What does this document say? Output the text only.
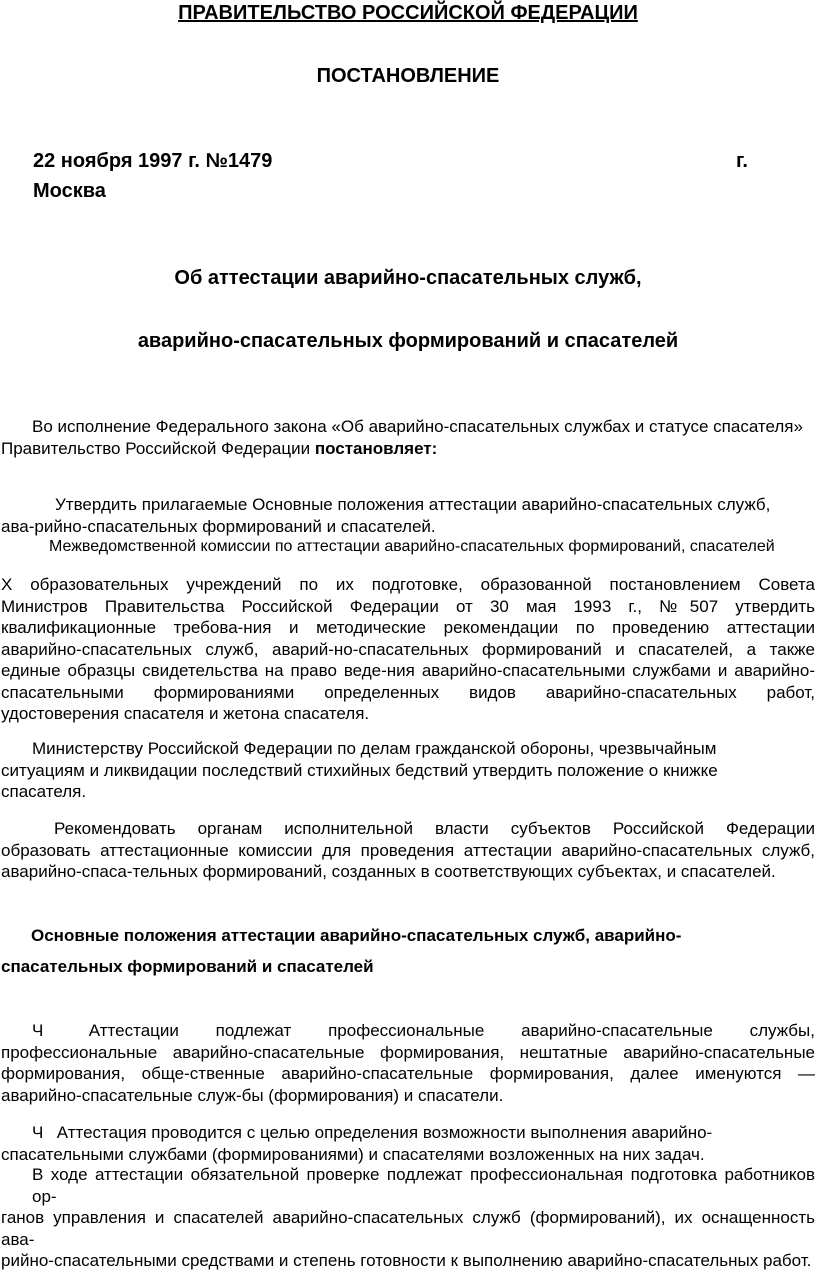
ПРАВИТЕЛЬСТВО РОССИЙСКОЙ ФЕДЕРАЦИИ
ПОСТАНОВЛЕНИЕ
22 ноября 1997 г. №1479	г.
Москва
Об аттестации аварийно-спасательных служб,
аварийно-спасательных формирований и спасателей
Во исполнение Федерального закона «Об аварийно-спасательных службах и статусе спасателя»
Правительство Российской Федерации постановляет:
Утвердить прилагаемые Основные положения аттестации аварийно-спасательных служб,
ава-рийно-спасательных формирований и спасателей.
Межведомственной комиссии по аттестации аварийно-спасательных формирований, спасателей
Х образовательных учреждений по их подготовке, образованной постановлением Совета
Министров Правительства Российской Федерации от 30 мая 1993 г., №507 утвердить
квалификационные требова-ния и методические рекомендации по проведению аттестации
аварийно-спасательных служб, аварий-но-спасательных формирований и спасателей, а также
единые образцы свидетельства на право веде-ния аварийно-спасательными службами и аварийно-
спасательными формированиями определенных видов аварийно-спасательных работ,
удостоверения спасателя и жетона спасателя.
Министерству Российской Федерации по делам гражданской обороны, чрезвычайным
ситуациям и ликвидации последствий стихийных бедствий утвердить положение о книжке
спасателя.
Рекомендовать органам исполнительной власти субъектов Российской Федерации
образовать аттестационные комиссии для проведения аттестации аварийно-спасательных служб,
аварийно-спаса-тельных формирований, созданных в соответствующих субъектах, и спасателей.
Основные положения аттестации аварийно-спасательных служб, аварийно-
спасательных формирований и спасателей
Ч	Аттестации подлежат профессиональные аварийно-спасательные службы,
профессиональные аварийно-спасательные формирования, нештатные аварийно-спасательные
формирования, обще-ственные аварийно-спасательные формирования, далее именуются —
аварийно-спасательные служ-бы (формирования) и спасатели.
Ч Аттестация проводится с целью определения возможности выполнения аварийно-
спасательными службами (формированиями) и спасателями возложенных на них задач.
В ходе аттестации обязательной проверке подлежат профессиональная подготовка работников ор-
ганов управления и спасателей аварийно-спасательных служб (формирований), их оснащенность ава-
рийно-спасательными средствами и степень готовности к выполнению аварийно-спасательных работ.
